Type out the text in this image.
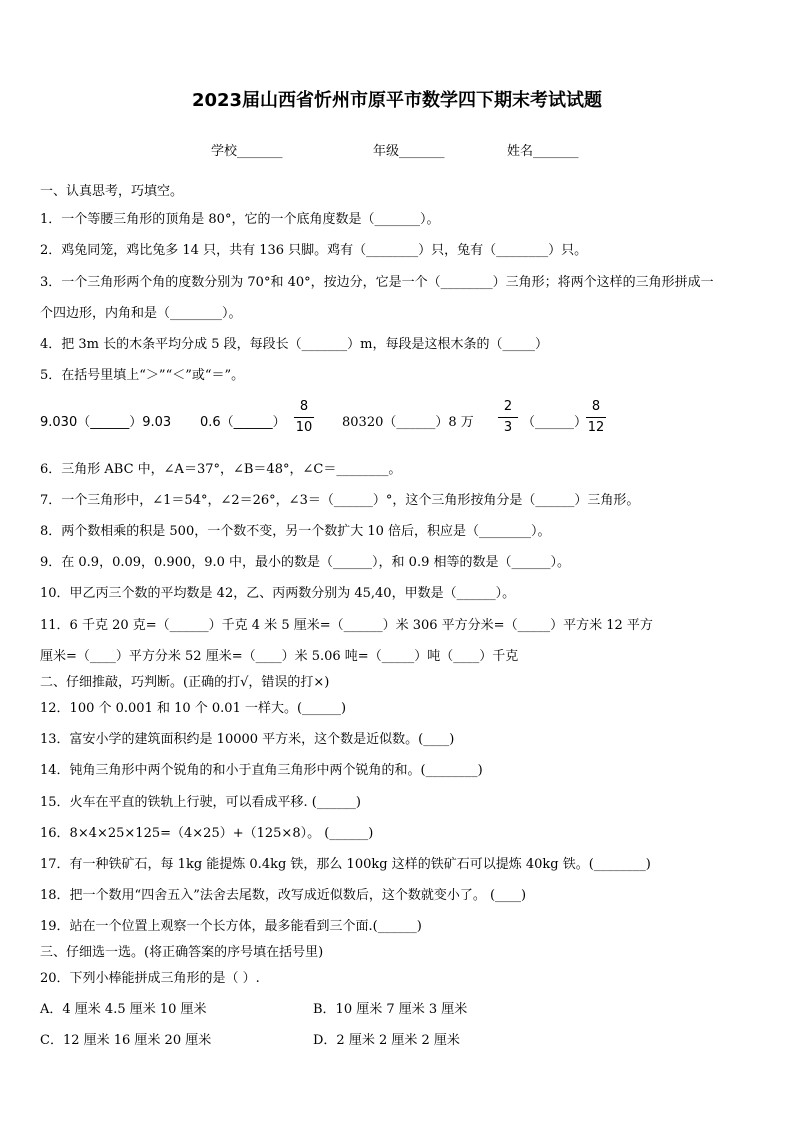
2023届山西省忻州市原平市数学四下期末考试试题
学校_______	年级_______	姓名_______
一、认真思考，巧填空。
1．一个等腰三角形的顶角是 80°，它的一个底角度数是（_______）。
2．鸡兔同笼，鸡比兔多 14 只，共有 136 只脚。鸡有（________）只，兔有（________）只。
3．一个三角形两个角的度数分别为 70°和 40°，按边分，它是一个（________）三角形；将两个这样的三角形拼成一
个四边形，内角和是（________）。
4．把 3m 长的木条平均分成 5 段，每段长（_______）m，每段是这根木条的（_____）
5．在括号里填上“＞”“＜”或“＝”。
9.030（______）9.03 0.6（______）
8
10 80320（______）8 万
2
3 （______）
8
12
6．三角形 ABC 中，∠A＝37°，∠B＝48°，∠C＝________。
7．一个三角形中，∠1＝54°，∠2＝26°，∠3＝（______）°，这个三角形按角分是（______）三角形。
8．两个数相乘的积是 500，一个数不变，另一个数扩大 10 倍后，积应是（________）。
9．在 0.9，0.09，0.900，9.0 中，最小的数是（______），和 0.9 相等的数是（______）。
10．甲乙丙三个数的平均数是 42，乙、丙两数分别为 45,40，甲数是（______）。
11．6 千克 20 克=（______）千克 4 米 5 厘米=（______）米 306 平方分米=（_____）平方米 12 平方
厘米=（____）平方分米 52 厘米=（____）米 5.06 吨=（_____）吨（____）千克
二、仔细推敲，巧判断。(正确的打√，错误的打×)
12．100 个 0.001 和 10 个 0.01 一样大。(______)
13．富安小学的建筑面积约是 10000 平方米，这个数是近似数。(____)
14．钝角三角形中两个锐角的和小于直角三角形中两个锐角的和。(________)
15．火车在平直的铁轨上行驶，可以看成平移. (______)
16．8×4×25×125=（4×25）+（125×8）。 (______)
17．有一种铁矿石，每 1kg 能提炼 0.4kg 铁，那么 100kg 这样的铁矿石可以提炼 40kg 铁。(________)
18．把一个数用“四舍五入”法舍去尾数，改写成近似数后，这个数就变小了。 (____)
19．站在一个位置上观察一个长方体，最多能看到三个面.(______)
三、仔细选一选。(将正确答案的序号填在括号里)
20．下列小棒能拼成三角形的是（ ）.
A．4 厘米 4.5 厘米 10 厘米	B．10 厘米 7 厘米 3 厘米
C．12 厘米 16 厘米 20 厘米	D．2 厘米 2 厘米 2 厘米
